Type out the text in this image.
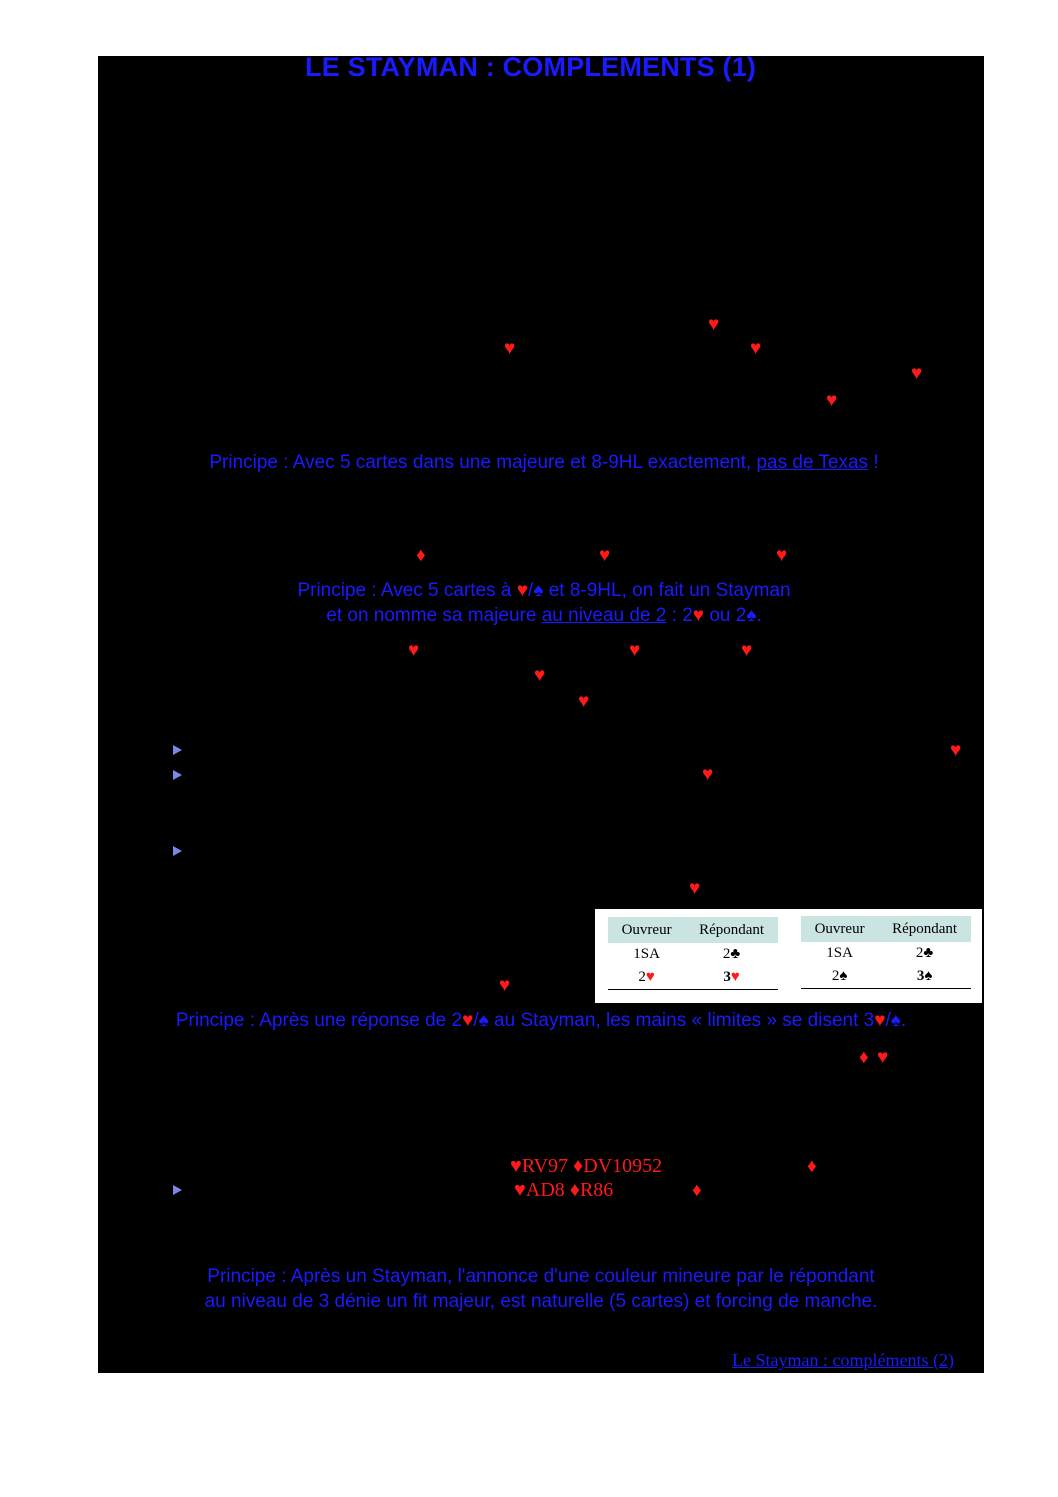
LE STAYMAN : COMPLEMENTS (1)
♥
♥	♥
♥
♥
Principe : Avec 5 cartes dans une majeure et 8-9HL exactement, pas de Texas !
♦	♥	♥
Principe : Avec 5 cartes à ♥/♠ et 8-9HL, on fait un Stayman
et on nomme sa majeure au niveau de 2 : 2♥ ou 2♠.
♥	♥	♥
♥
♥
♥
♥
♥
Ouvreur	Répondant
1SA	2♣
2♥	3♥
Ouvreur	Répondant
1SA	2♣
2♠	3♠
♥
Principe : Après une réponse de 2♥/♠ au Stayman, les mains « limites » se disent 3♥/♠.
♦ ♥
♥RV97 ♦DV10952	♦
♥AD8 ♦R86	♦
Principe : Après un Stayman, l'annonce d'une couleur mineure par le répondant
au niveau de 3 dénie un fit majeur, est naturelle (5 cartes) et forcing de manche.
Le Stayman : compléments (2)
